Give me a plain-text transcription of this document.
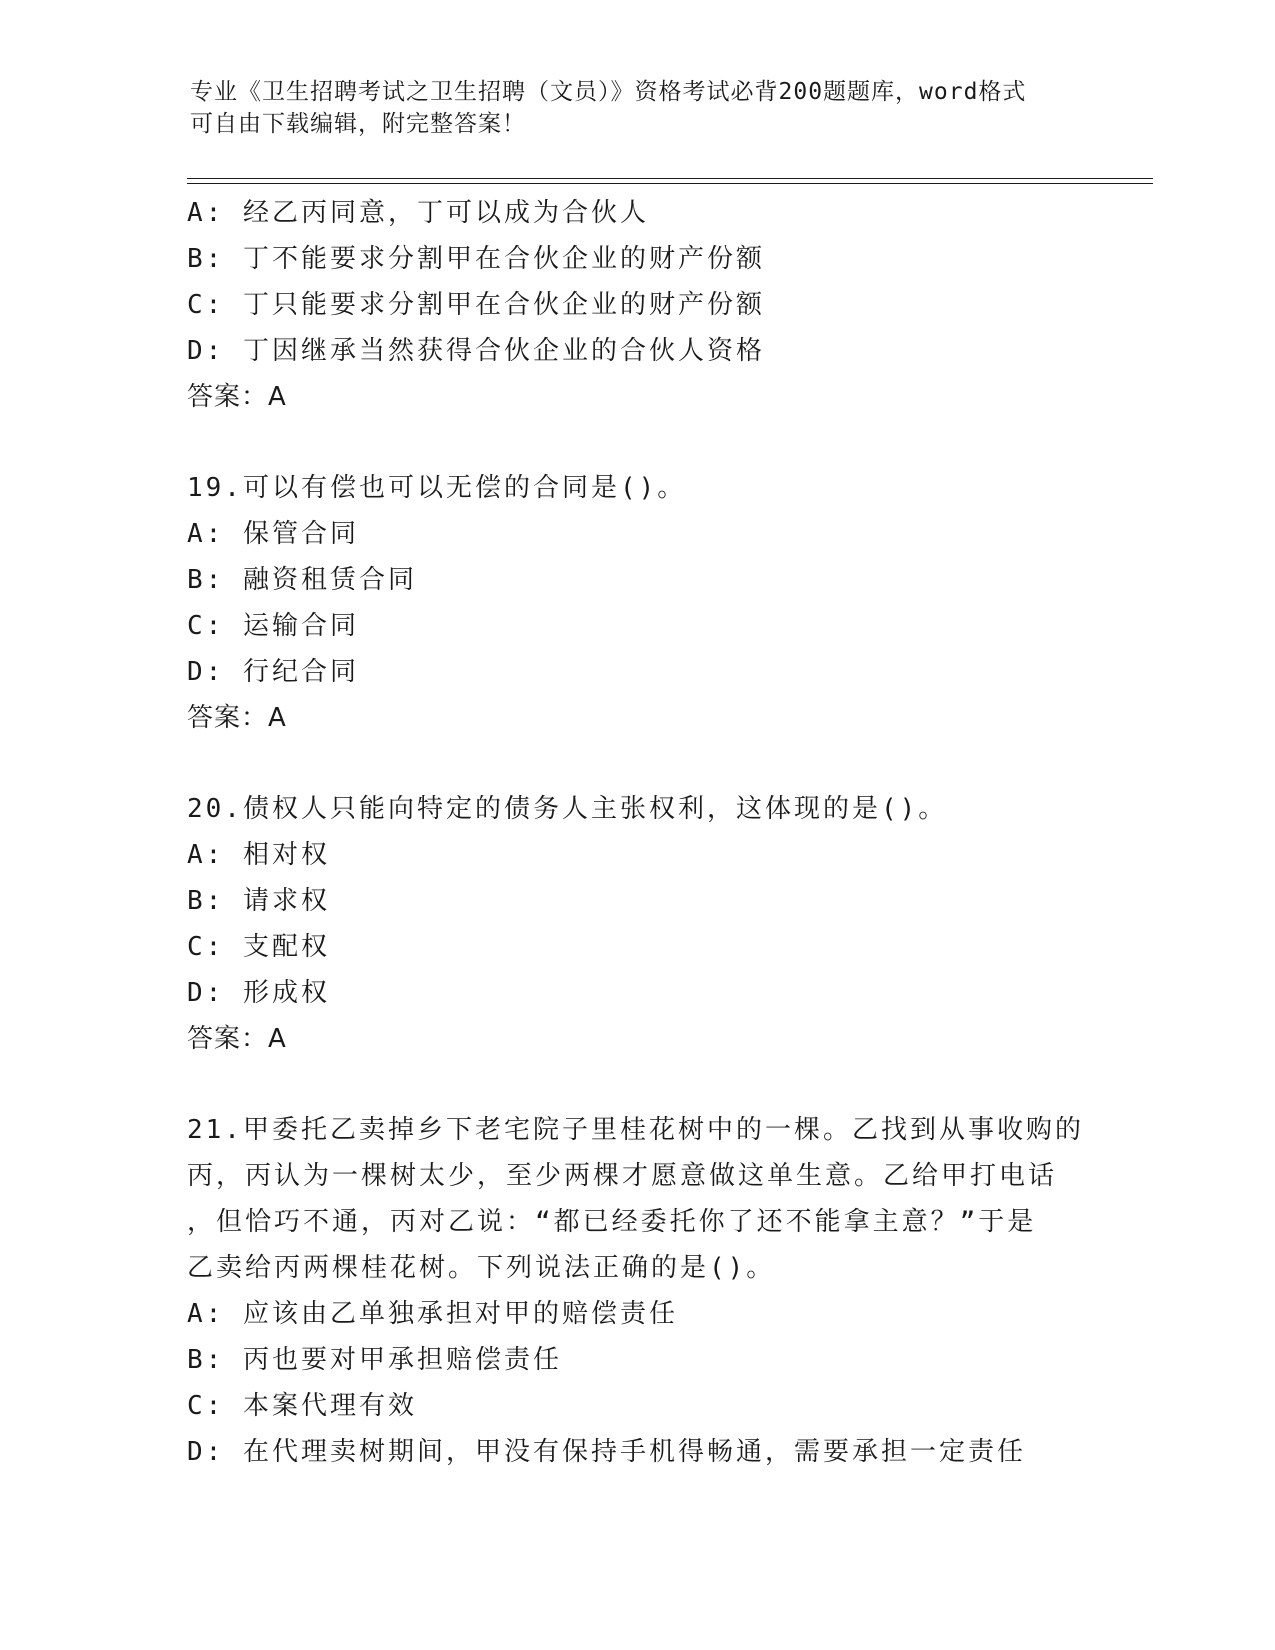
专业《卫生招聘考试之卫生招聘（文员）》资格考试必背200题题库，word格式
可自由下载编辑，附完整答案！
A: 经乙丙同意，丁可以成为合伙人
B: 丁不能要求分割甲在合伙企业的财产份额
C: 丁只能要求分割甲在合伙企业的财产份额
D: 丁因继承当然获得合伙企业的合伙人资格
答案：A
19.可以有偿也可以无偿的合同是()。
A: 保管合同
B: 融资租赁合同
C: 运输合同
D: 行纪合同
答案：A
20.债权人只能向特定的债务人主张权利，这体现的是()。
A: 相对权
B: 请求权
C: 支配权
D: 形成权
答案：A
21.甲委托乙卖掉乡下老宅院子里桂花树中的一棵。乙找到从事收购的
丙，丙认为一棵树太少，至少两棵才愿意做这单生意。乙给甲打电话
，但恰巧不通，丙对乙说：“都已经委托你了还不能拿主意？”于是
乙卖给丙两棵桂花树。下列说法正确的是()。
A: 应该由乙单独承担对甲的赔偿责任
B: 丙也要对甲承担赔偿责任
C: 本案代理有效
D: 在代理卖树期间，甲没有保持手机得畅通，需要承担一定责任
